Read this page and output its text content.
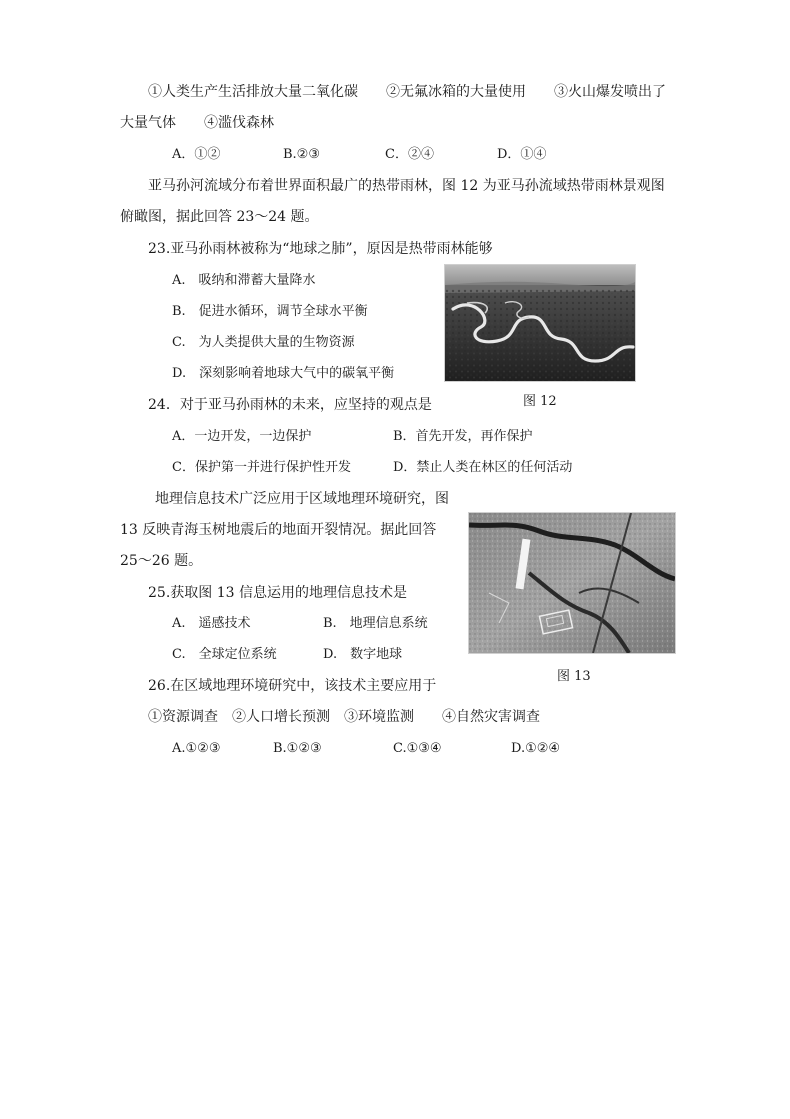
①人类生产生活排放大量二氧化碳　　②无氟冰箱的大量使用　　③火山爆发喷出了
大量气体　　④滥伐森林
A．①②	B.②③	C．②④	D．①④
亚马孙河流域分布着世界面积最广的热带雨林，图 12 为亚马孙流域热带雨林景观图
俯瞰图，据此回答 23～24 题。
23.亚马孙雨林被称为“地球之肺”，原因是热带雨林能够
A.　吸纳和滞蓄大量降水
B.　促进水循环，调节全球水平衡
C.　为人类提供大量的生物资源
D.　深刻影响着地球大气中的碳氧平衡
图 12
24．对于亚马孙雨林的未来，应坚持的观点是
A．一边开发，一边保护	B．首先开发，再作保护
C．保护第一并进行保护性开发	D．禁止人类在林区的任何活动
地理信息技术广泛应用于区域地理环境研究，图
13 反映青海玉树地震后的地面开裂情况。据此回答
25～26 题。
图 13
25.获取图 13 信息运用的地理信息技术是
A.　遥感技术	B.　地理信息系统
C.　全球定位系统	D.　数字地球
26.在区域地理环境研究中，该技术主要应用于
①资源调查　②人口增长预测　③环境监测　　④自然灾害调查
A.①②③	B.①②③	C.①③④	D.①②④
